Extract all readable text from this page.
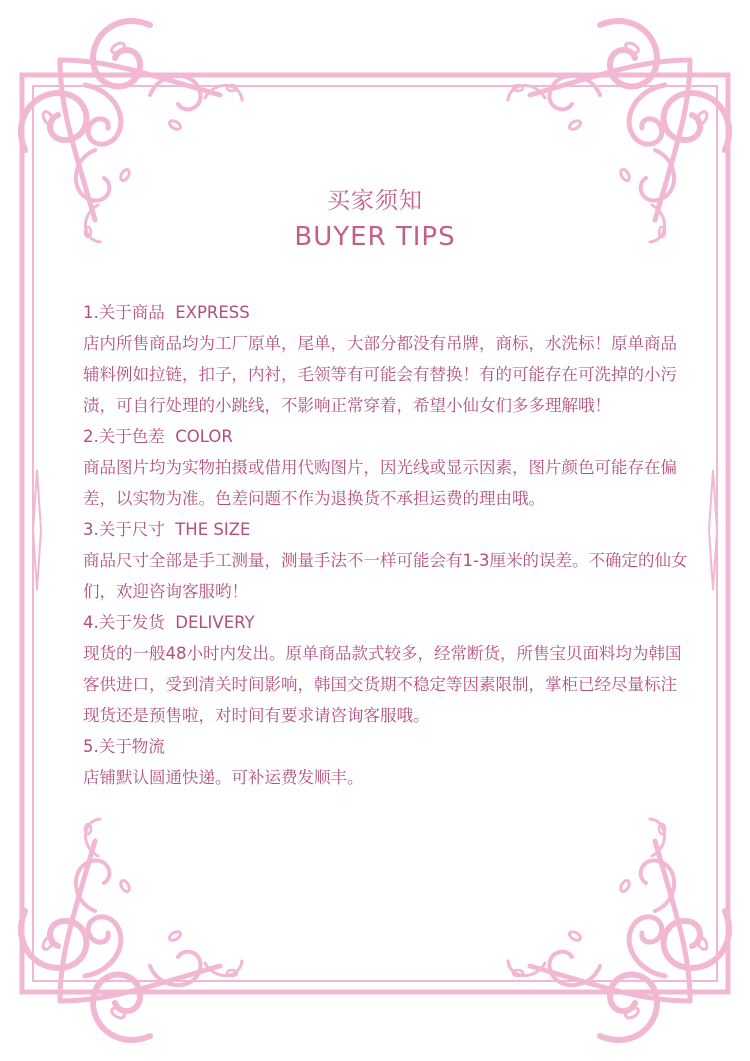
买家须知
BUYER TIPS
1.关于商品  EXPRESS
店内所售商品均为工厂原单，尾单，大部分都没有吊牌，商标，水洗标！原单商品辅料例如拉链，扣子，内衬，毛领等有可能会有替换！有的可能存在可洗掉的小污渍，可自行处理的小跳线，不影响正常穿着，希望小仙女们多多理解哦！
2.关于色差  COLOR
商品图片均为实物拍摄或借用代购图片，因光线或显示因素，图片颜色可能存在偏差，以实物为准。色差问题不作为退换货不承担运费的理由哦。
3.关于尺寸  THE SIZE
商品尺寸全部是手工测量，测量手法不一样可能会有1-3厘米的误差。不确定的仙女们，欢迎咨询客服哟！
4.关于发货  DELIVERY
现货的一般48小时内发出。原单商品款式较多，经常断货，所售宝贝面料均为韩国客供进口，受到清关时间影响，韩国交货期不稳定等因素限制，掌柜已经尽量标注现货还是预售啦，对时间有要求请咨询客服哦。
5.关于物流
店铺默认圆通快递。可补运费发顺丰。
